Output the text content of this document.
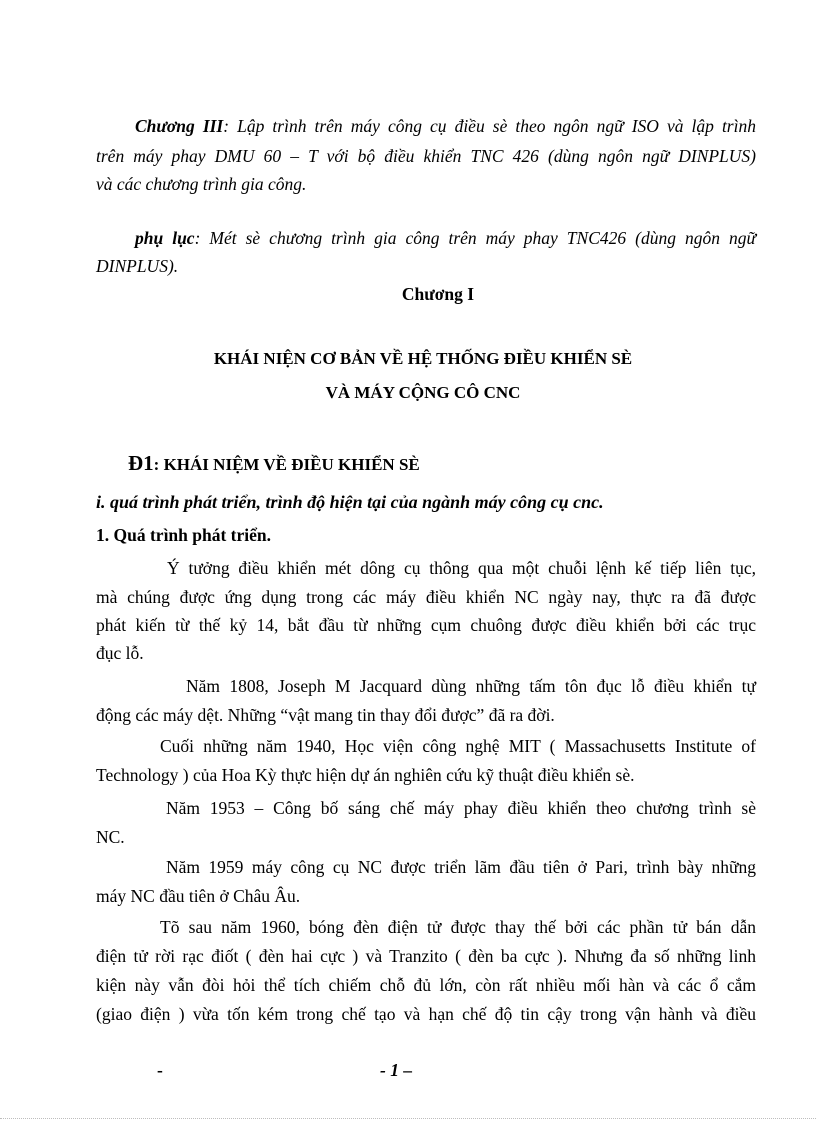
Chương III: Lập trình trên máy công cụ điều sè theo ngôn ngữ ISO và lập trình
trên máy phay DMU 60 – T với bộ điều khiển TNC 426 (dùng ngôn ngữ DINPLUS)
và các chương trình gia công.
phụ lục: Mét sè chương trình gia công trên máy phay TNC426 (dùng ngôn ngữ
DINPLUS).
Chương I
KHÁI NIỆN CƠ BẢN VỀ HỆ THỐNG ĐIỀU KHIỂN SÈ
VÀ MÁY CỘNG CÔ CNC
Đ1: KHÁI NIỆM VỀ ĐIỀU KHIỂN SÈ
i. quá trình phát triển, trình độ hiện tại của ngành máy công cụ cnc.
1. Quá trình phát triển.
Ý tưởng điều khiển mét dông cụ thông qua một chuỗi lệnh kế tiếp liên tục,
mà chúng được ứng dụng trong các máy điều khiển NC ngày nay, thực ra đã được
phát kiến từ thế kỷ 14, bắt đầu từ những cụm chuông được điều khiển bởi các trục
đục lỗ.
Năm 1808, Joseph M Jacquard dùng những tấm tôn đục lỗ điều khiển tự
động các máy dệt. Những “vật mang tin thay đổi được” đã ra đời.
Cuối những năm 1940, Học viện công nghệ MIT ( Massachusetts Institute of
Technology ) của Hoa Kỳ thực hiện dự án nghiên cứu kỹ thuật điều khiển sè.
Năm 1953 – Công bố sáng chế máy phay điều khiển theo chương trình sè
NC.
Năm 1959 máy công cụ NC được triển lãm đầu tiên ở Pari, trình bày những
máy NC đầu tiên ở Châu Âu.
Tõ sau năm 1960, bóng đèn điện tử được thay thế bởi các phần tử bán dẫn
điện tử rời rạc điốt ( đèn hai cực ) và Tranzito ( đèn ba cực ). Nhưng đa số những linh
kiện này vẫn đòi hỏi thể tích chiếm chỗ đủ lớn, còn rất nhiều mối hàn và các ổ cắm
(giao điện ) vừa tốn kém trong chế tạo và hạn chế độ tin cậy trong vận hành và điều
-	- 1 –
